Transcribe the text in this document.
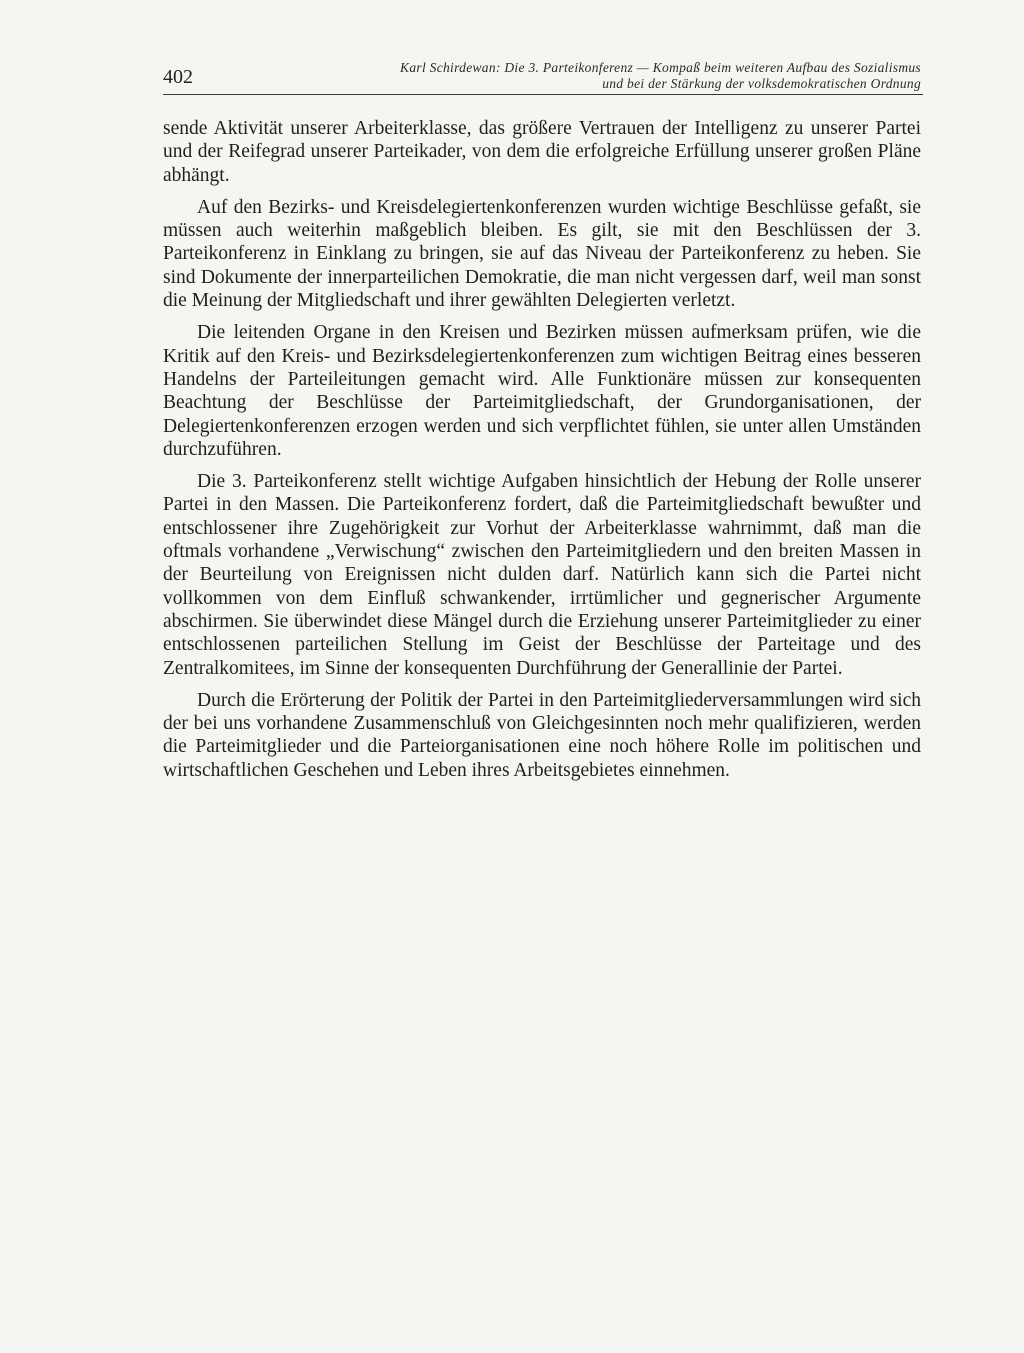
402	Karl Schirdewan: Die 3. Parteikonferenz — Kompaß beim weiteren Aufbau des Sozialismus
und bei der Stärkung der volksdemokratischen Ordnung

sende Aktivität unserer Arbeiterklasse, das größere Vertrauen der Intelligenz zu unserer Partei und der Reifegrad unserer Parteikader, von dem die erfolgreiche Erfüllung unserer großen Pläne abhängt.

Auf den Bezirks- und Kreisdelegiertenkonferenzen wurden wichtige Beschlüsse gefaßt, sie müssen auch weiterhin maßgeblich bleiben. Es gilt, sie mit den Beschlüssen der 3. Parteikonferenz in Einklang zu bringen, sie auf das Niveau der Parteikonferenz zu heben. Sie sind Dokumente der innerparteilichen Demokratie, die man nicht vergessen darf, weil man sonst die Meinung der Mitgliedschaft und ihrer gewählten Delegierten verletzt.

Die leitenden Organe in den Kreisen und Bezirken müssen aufmerksam prüfen, wie die Kritik auf den Kreis- und Bezirksdelegiertenkonferenzen zum wichtigen Beitrag eines besseren Handelns der Parteileitungen gemacht wird. Alle Funktionäre müssen zur konsequenten Beachtung der Beschlüsse der Parteimitgliedschaft, der Grundorganisationen, der Delegiertenkonferenzen erzogen werden und sich verpflichtet fühlen, sie unter allen Umständen durchzuführen.

Die 3. Parteikonferenz stellt wichtige Aufgaben hinsichtlich der Hebung der Rolle unserer Partei in den Massen. Die Parteikonferenz fordert, daß die Parteimitgliedschaft bewußter und entschlossener ihre Zugehörigkeit zur Vorhut der Arbeiterklasse wahrnimmt, daß man die oftmals vorhandene „Verwischung“ zwischen den Parteimitgliedern und den breiten Massen in der Beurteilung von Ereignissen nicht dulden darf. Natürlich kann sich die Partei nicht vollkommen von dem Einfluß schwankender, irrtümlicher und gegnerischer Argumente abschirmen. Sie überwindet diese Mängel durch die Erziehung unserer Parteimitglieder zu einer entschlossenen parteilichen Stellung im Geist der Beschlüsse der Parteitage und des Zentralkomitees, im Sinne der konsequenten Durchführung der Generallinie der Partei.

Durch die Erörterung der Politik der Partei in den Parteimitgliederversammlungen wird sich der bei uns vorhandene Zusammenschluß von Gleichgesinnten noch mehr qualifizieren, werden die Parteimitglieder und die Parteiorganisationen eine noch höhere Rolle im politischen und wirtschaftlichen Geschehen und Leben ihres Arbeitsgebietes einnehmen.
